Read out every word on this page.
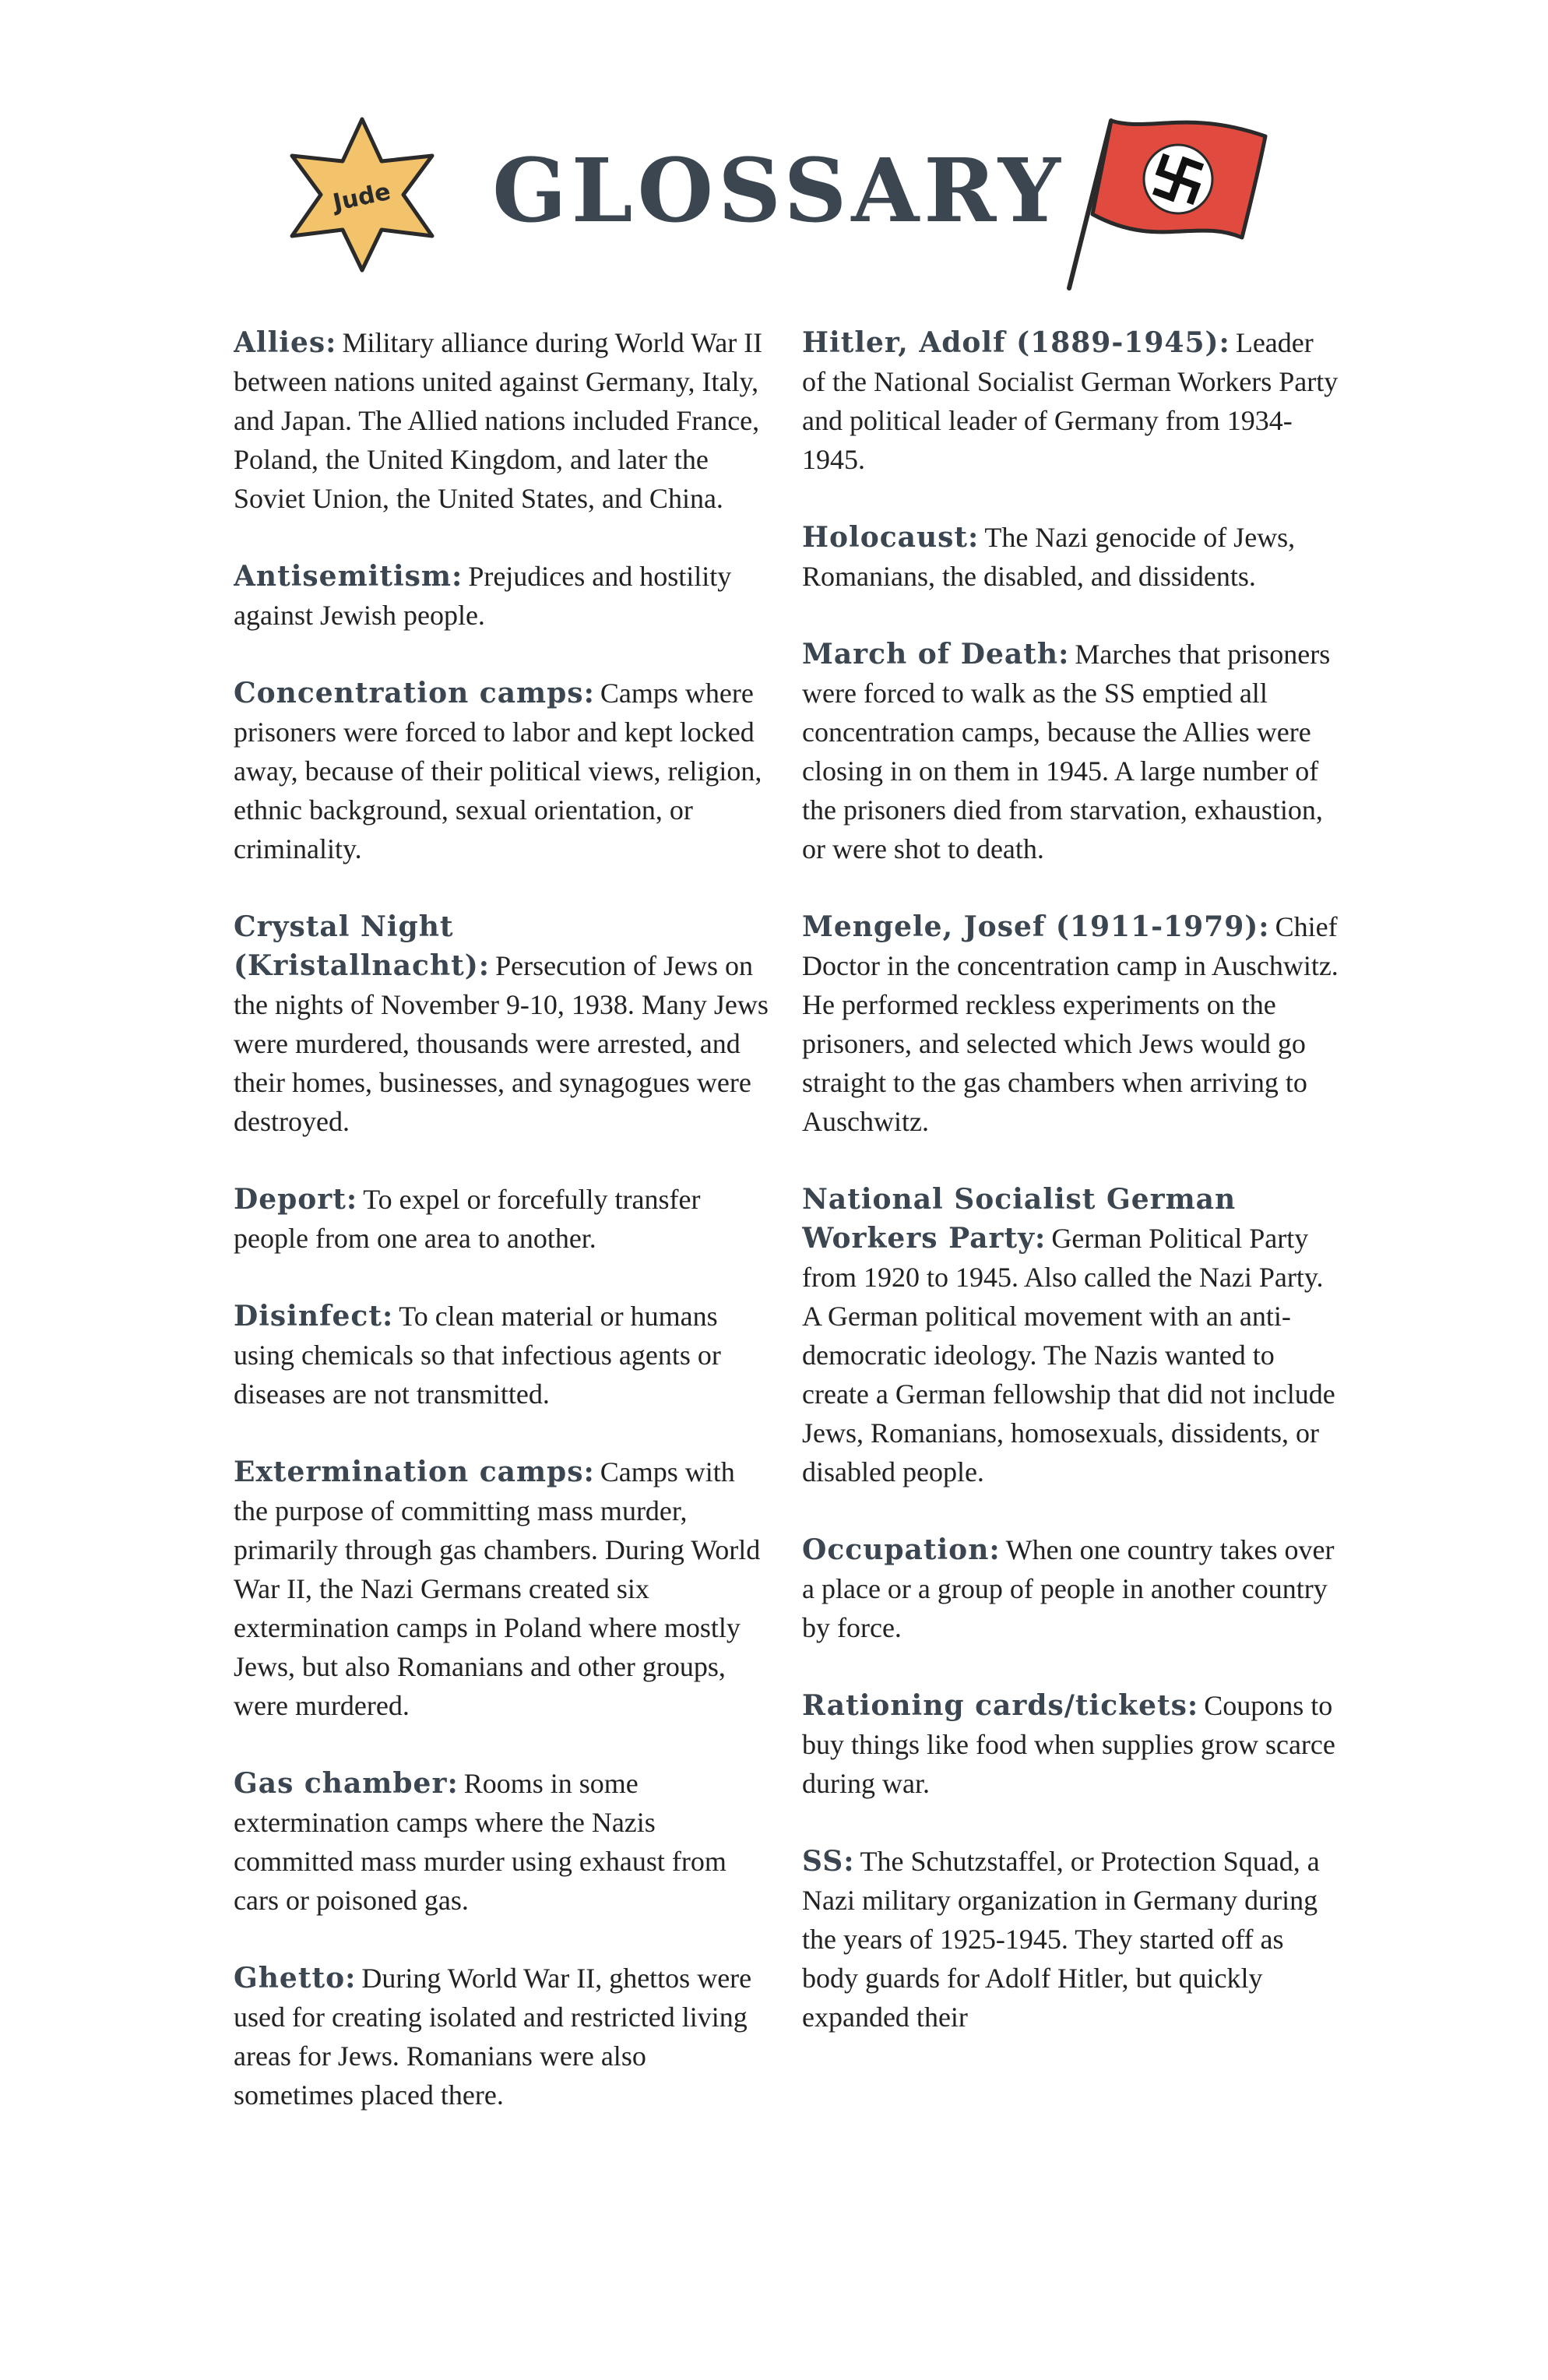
Jude	GLOSSARY
Allies: Military alliance during World War II between nations united against Germany, Italy, and Japan. The Allied nations included France, Poland, the United Kingdom, and later the Soviet Union, the United States, and China.
Antisemitism: Prejudices and hostility against Jewish people.
Concentration camps: Camps where prisoners were forced to labor and kept locked away, because of their political views, religion, ethnic background, sexual orientation, or criminality.
Crystal Night (Kristallnacht): Persecution of Jews on the nights of November 9-10, 1938. Many Jews were murdered, thousands were arrested, and their homes, businesses, and synagogues were destroyed.
Deport: To expel or forcefully transfer people from one area to another.
Disinfect: To clean material or humans using chemicals so that infectious agents or diseases are not transmitted.
Extermination camps: Camps with the purpose of committing mass murder, primarily through gas chambers. During World War II, the Nazi Germans created six extermination camps in Poland where mostly Jews, but also Romanians and other groups, were murdered.
Gas chamber: Rooms in some extermination camps where the Nazis committed mass murder using exhaust from cars or poisoned gas.
Ghetto: During World War II, ghettos were used for creating isolated and restricted living areas for Jews. Romanians were also sometimes placed there.
Hitler, Adolf (1889-1945): Leader of the National Socialist German Workers Party and political leader of Germany from 1934-1945.
Holocaust: The Nazi genocide of Jews, Romanians, the disabled, and dissidents.
March of Death: Marches that prisoners were forced to walk as the SS emptied all concentration camps, because the Allies were closing in on them in 1945. A large number of the prisoners died from starvation, exhaustion, or were shot to death.
Mengele, Josef (1911-1979): Chief Doctor in the concentration camp in Auschwitz. He performed reckless experiments on the prisoners, and selected which Jews would go straight to the gas chambers when arriving to Auschwitz.
National Socialist German Workers Party: German Political Party from 1920 to 1945. Also called the Nazi Party. A German political movement with an anti-democratic ideology. The Nazis wanted to create a German fellowship that did not include Jews, Romanians, homosexuals, dissidents, or disabled people.
Occupation: When one country takes over a place or a group of people in another country by force.
Rationing cards/tickets: Coupons to buy things like food when supplies grow scarce during war.
SS: The Schutzstaffel, or Protection Squad, a Nazi military organization in Germany during the years of 1925-1945. They started off as body guards for Adolf Hitler, but quickly expanded their
